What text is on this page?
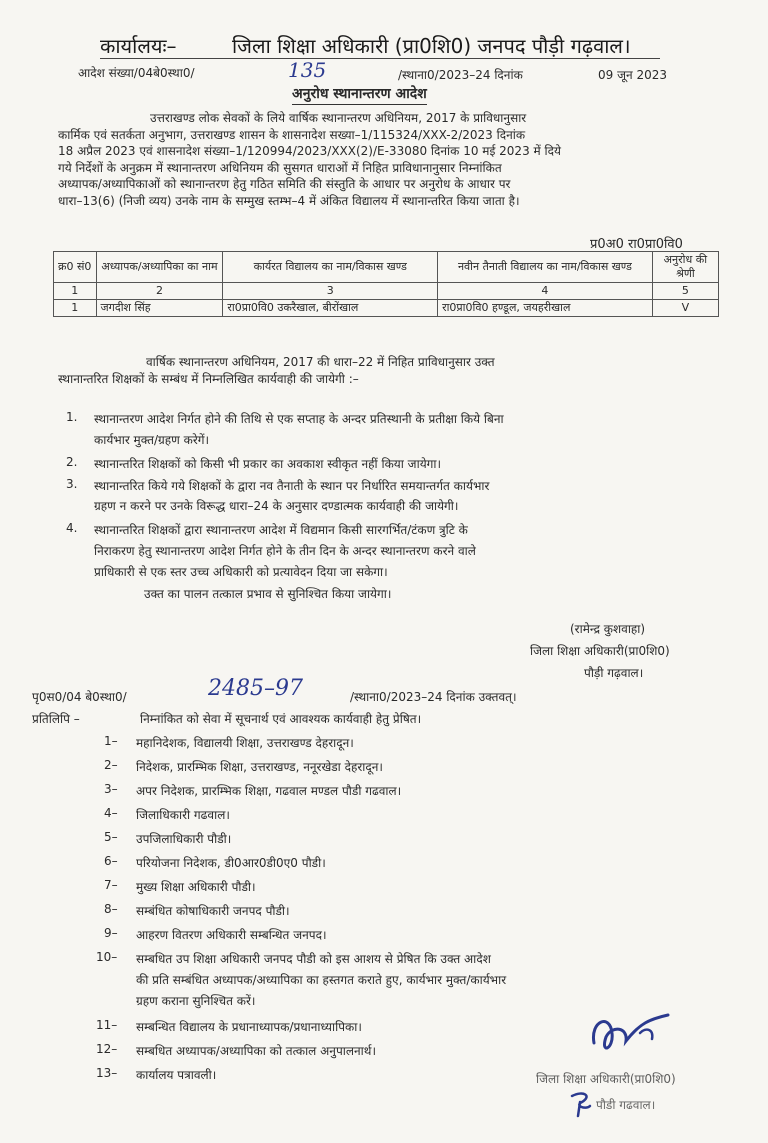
कार्यालयः–	जिला शिक्षा अधिकारी (प्रा0शि0) जनपद पौड़ी गढ़वाल।
आदेश संख्या/04बे0स्था0/	135	/स्थाना0/2023–24 दिनांक	09 जून 2023
अनुरोध स्थानान्तरण आदेश

उत्तराखण्ड लोक सेवकों के लिये वार्षिक स्थानान्तरण अधिनियम, 2017 के प्राविधानुसार

कार्मिक एवं सतर्कता अनुभाग, उत्तराखण्ड शासन के शासनादेश सख्या–1/115324/XXX-2/2023 दिनांक

18 अप्रैल 2023 एवं शासनादेश संख्या–1/120994/2023/XXX(2)/E-33080 दिनांक 10 मई 2023 में दिये

गये निर्देशों के अनुक्रम में स्थानान्तरण अधिनियम की सुसगत धाराओं में निहित प्राविधानानुसार निम्नांकित

अध्यापक/अध्यापिकाओं को स्थानान्तरण हेतु गठित समिति की संस्तुति के आधार पर अनुरोध के आधार पर

धारा–13(6) (निजी व्यय) उनके नाम के सम्मुख स्तम्भ–4 में अंकित विद्यालय में स्थानान्तरित किया जाता है।

प्र0अ0 रा0प्रा0वि0
क्र0 सं0	अध्यापक/अध्यापिका का नाम	कार्यरत विद्यालय का नाम/विकास खण्ड	नवीन तैनाती विद्यालय का नाम/विकास खण्ड	अनुरोध की श्रेणी
1	2	3	4	5
1	जगदीश सिंह	रा0प्रा0वि0 उकरैखाल, बीरोंखाल	रा0प्रा0वि0 हण्डूल, जयहरीखाल	V

वार्षिक स्थानान्तरण अधिनियम, 2017 की धारा–22 में निहित प्राविधानुसार उक्त

स्थानान्तरित शिक्षकों के सम्बंध में निम्नलिखित कार्यवाही की जायेगी :–

1. स्थानान्तरण आदेश निर्गत होने की तिथि से एक सप्ताह के अन्दर प्रतिस्थानी के प्रतीक्षा किये बिना
कार्यभार मुक्त/ग्रहण करेगें।
2. स्थानान्तरित शिक्षकों को किसी भी प्रकार का अवकाश स्वीकृत नहीं किया जायेगा।
3. स्थानान्तरित किये गये शिक्षकों के द्वारा नव तैनाती के स्थान पर निर्धारित समयान्तर्गत कार्यभार
ग्रहण न करने पर उनके विरूद्ध धारा–24 के अनुसार दण्डात्मक कार्यवाही की जायेगी।
4. स्थानान्तरित शिक्षकों द्वारा स्थानान्तरण आदेश में विद्यमान किसी सारगर्भित/टंकण त्रुटि के
निराकरण हेतु स्थानान्तरण आदेश निर्गत होने के तीन दिन के अन्दर स्थानान्तरण करने वाले
प्राधिकारी से एक स्तर उच्च अधिकारी को प्रत्यावेदन दिया जा सकेगा।
उक्त का पालन तत्काल प्रभाव से सुनिश्चित किया जायेगा।
(रामेन्द्र कुशवाहा)
जिला शिक्षा अधिकारी(प्रा0शि0)
पौड़ी गढ़वाल।
पृ0स0/04 बे0स्था0/	2485–97	/स्थाना0/2023–24 दिनांक उक्तवत्।
प्रतिलिपि –	निम्नांकित को सेवा में सूचनार्थ एवं आवश्यक कार्यवाही हेतु प्रेषित।
1– महानिदेशक, विद्यालयी शिक्षा, उत्तराखण्ड देहरादून।
2– निदेशक, प्रारम्भिक शिक्षा, उत्तराखण्ड, ननूरखेडा देहरादून।
3– अपर निदेशक, प्रारम्भिक शिक्षा, गढवाल मण्डल पौडी गढवाल।
4– जिलाधिकारी गढवाल।
5– उपजिलाधिकारी पौडी।
6– परियोजना निदेशक, डी0आर0डी0ए0 पौडी।
7– मुख्य शिक्षा अधिकारी पौडी।
8– सम्बंधित कोषाधिकारी जनपद पौडी।
9– आहरण वितरण अधिकारी सम्बन्धित जनपद।
10– सम्बधित उप शिक्षा अधिकारी जनपद पौडी को इस आशय से प्रेषित कि उक्त आदेश
की प्रति सम्बंधित अध्यापक/अध्यापिका का हस्तगत कराते हुए, कार्यभार मुक्त/कार्यभार
ग्रहण कराना सुनिश्चित करें।
11– सम्बन्धित विद्यालय के प्रधानाध्यापक/प्रधानाध्यापिका।
12– सम्बधित अध्यापक/अध्यापिका को तत्काल अनुपालनार्थ।
13– कार्यालय पत्रावली।	जिला शिक्षा अधिकारी(प्रा0शि0)
पौडी गढवाल।
